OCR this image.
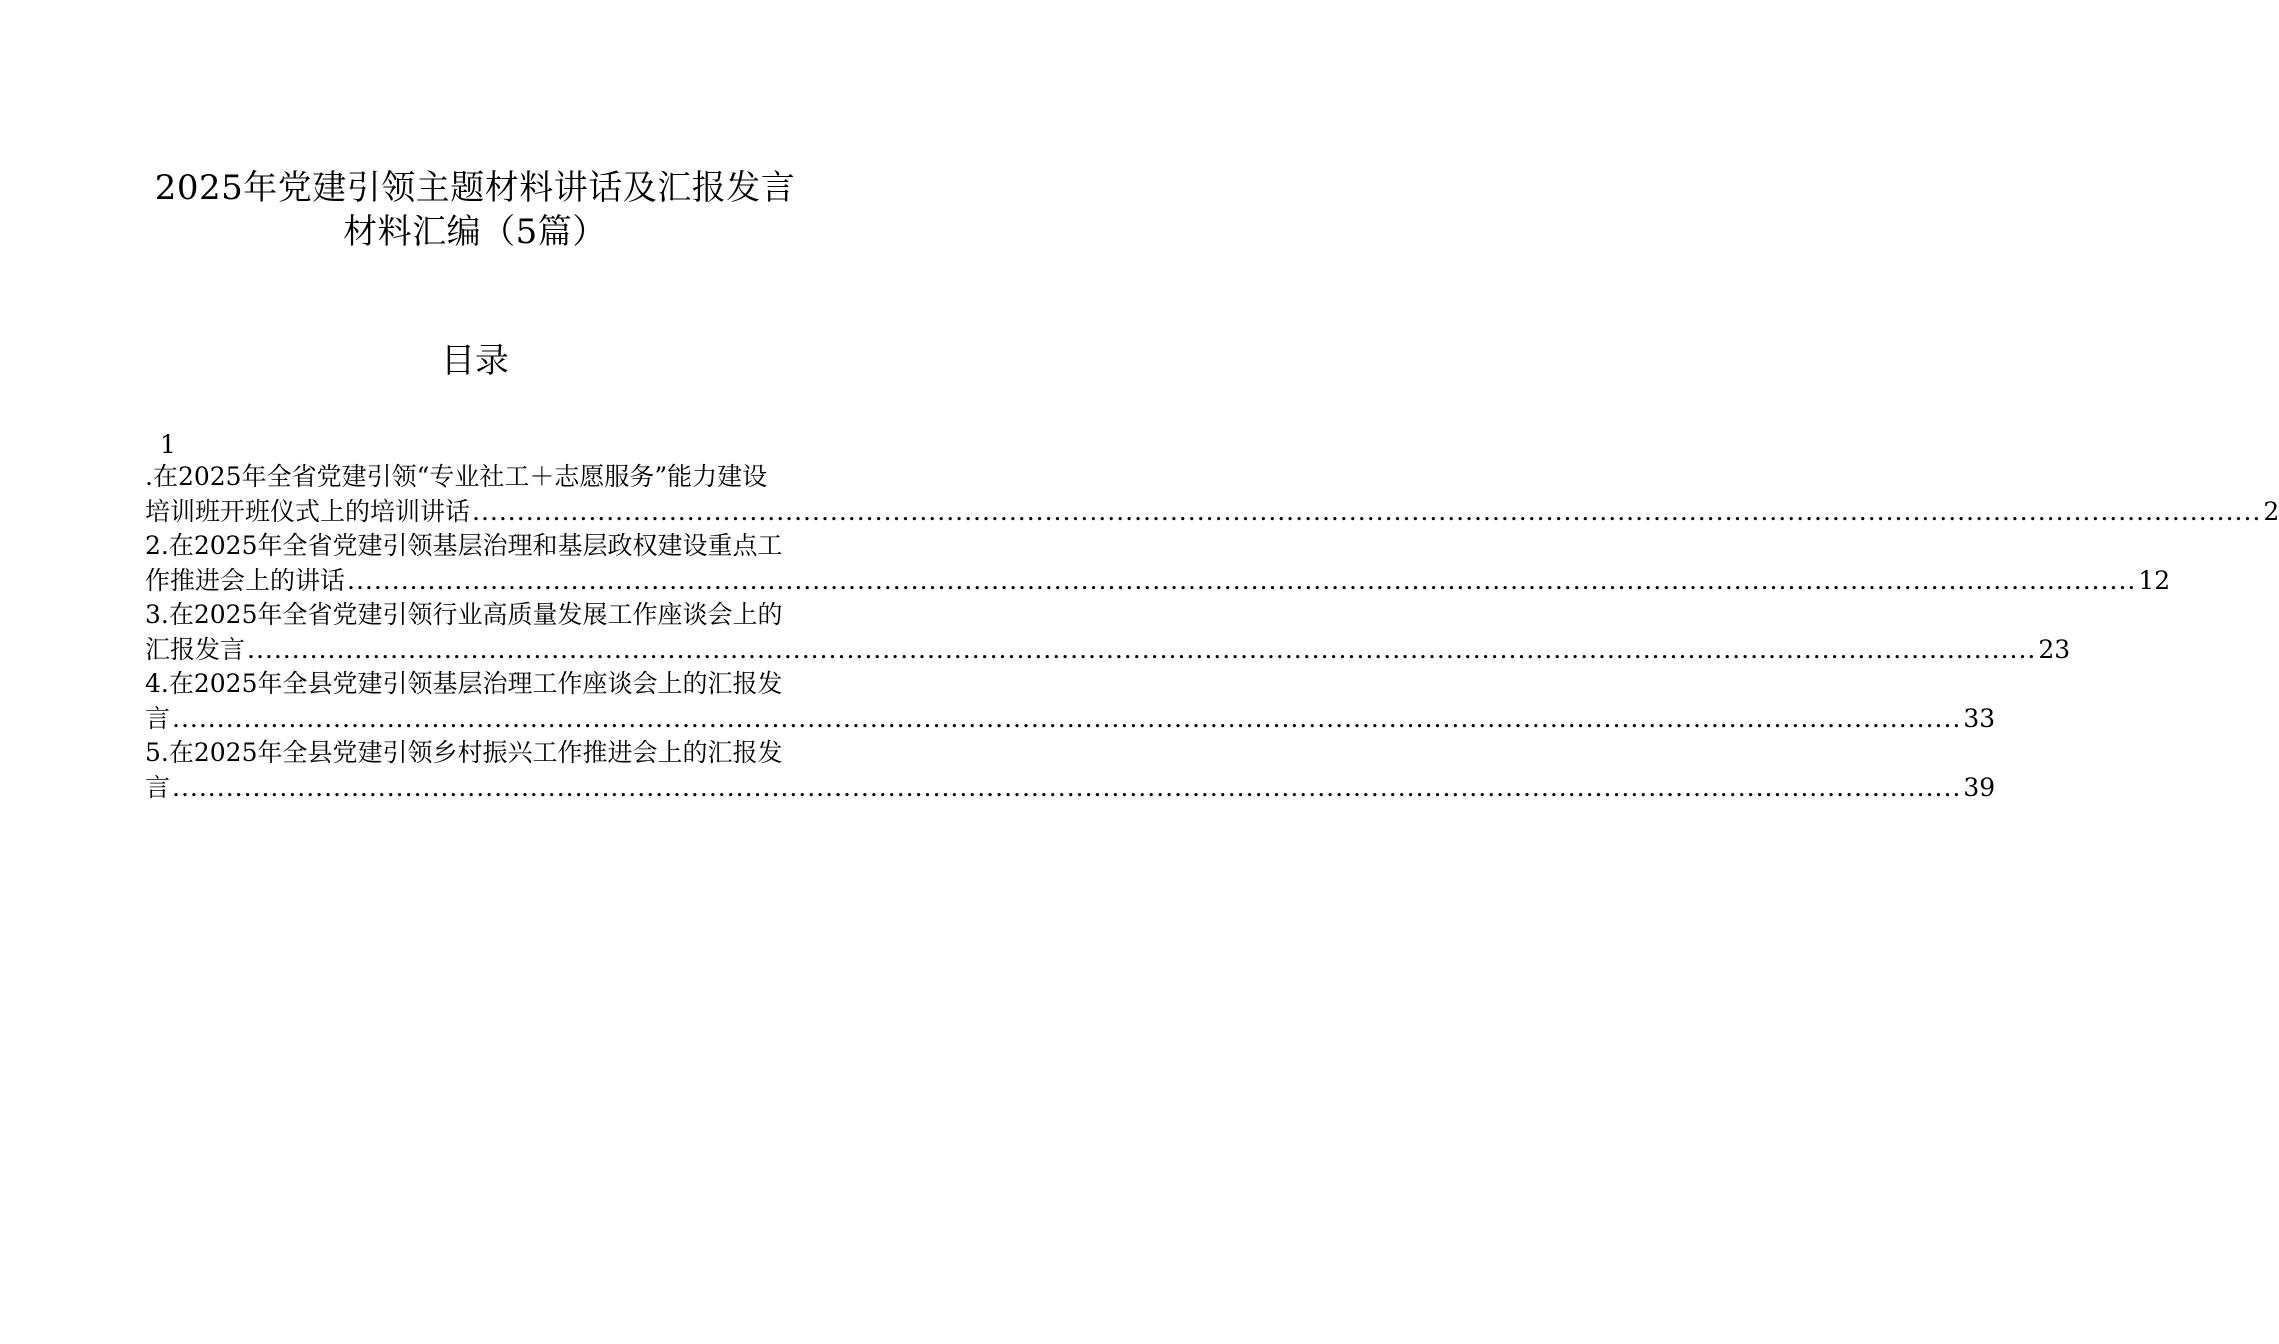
2025年党建引领主题材料讲话及汇报发言
材料汇编（5篇）
目录
1
.在2025年全省党建引领“专业社工＋志愿服务”能力建设
培训班开班仪式上的培训讲话 ........................................................................................................................................................................................................ 2
2.在2025年全省党建引领基层治理和基层政权建设重点工
作推进会上的讲话 ........................................................................................................................................................................................................ 12
3.在2025年全省党建引领行业高质量发展工作座谈会上的
汇报发言 ........................................................................................................................................................................................................ 23
4.在2025年全县党建引领基层治理工作座谈会上的汇报发
言 ........................................................................................................................................................................................................ 33
5.在2025年全县党建引领乡村振兴工作推进会上的汇报发
言 ........................................................................................................................................................................................................ 39
